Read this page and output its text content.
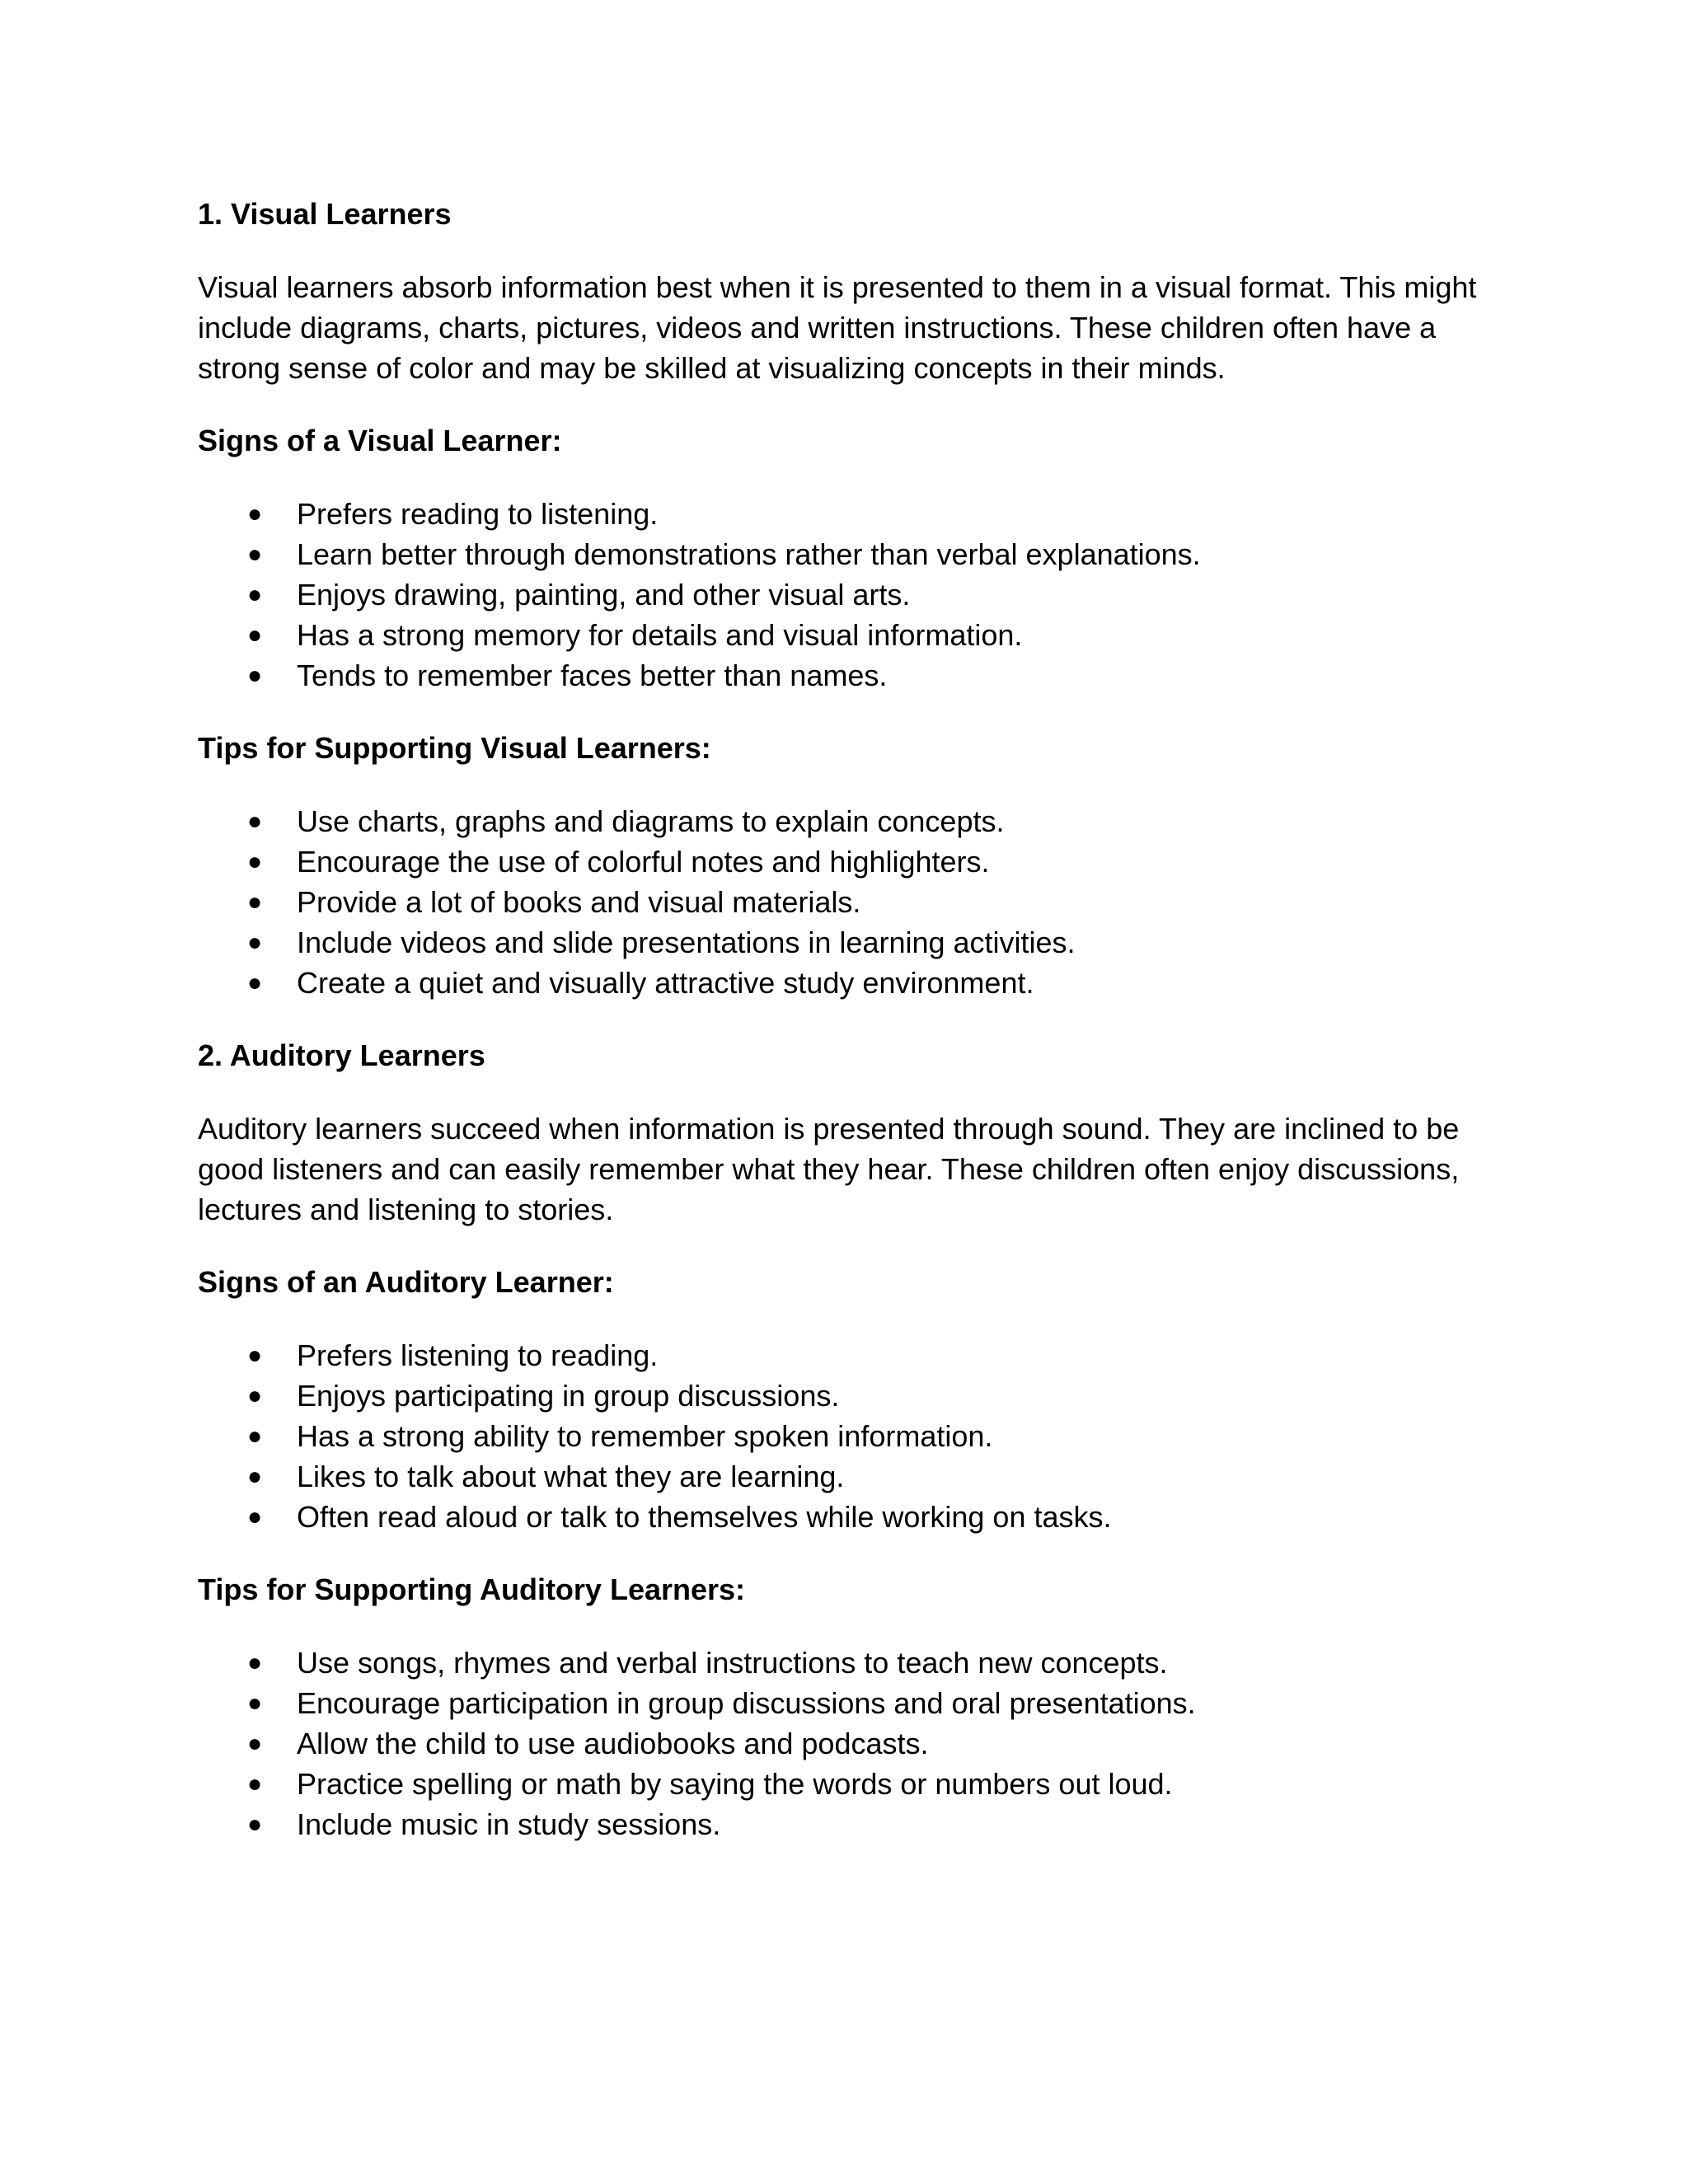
1. Visual Learners
Visual learners absorb information best when it is presented to them in a visual format. This might include diagrams, charts, pictures, videos and written instructions. These children often have a strong sense of color and may be skilled at visualizing concepts in their minds.
Signs of a Visual Learner:
● Prefers reading to listening.
● Learn better through demonstrations rather than verbal explanations.
● Enjoys drawing, painting, and other visual arts.
● Has a strong memory for details and visual information.
● Tends to remember faces better than names.
Tips for Supporting Visual Learners:
● Use charts, graphs and diagrams to explain concepts.
● Encourage the use of colorful notes and highlighters.
● Provide a lot of books and visual materials.
● Include videos and slide presentations in learning activities.
● Create a quiet and visually attractive study environment.
2. Auditory Learners
Auditory learners succeed when information is presented through sound. They are inclined to be good listeners and can easily remember what they hear. These children often enjoy discussions, lectures and listening to stories.
Signs of an Auditory Learner:
● Prefers listening to reading.
● Enjoys participating in group discussions.
● Has a strong ability to remember spoken information.
● Likes to talk about what they are learning.
● Often read aloud or talk to themselves while working on tasks.
Tips for Supporting Auditory Learners:
● Use songs, rhymes and verbal instructions to teach new concepts.
● Encourage participation in group discussions and oral presentations.
● Allow the child to use audiobooks and podcasts.
● Practice spelling or math by saying the words or numbers out loud.
● Include music in study sessions.
